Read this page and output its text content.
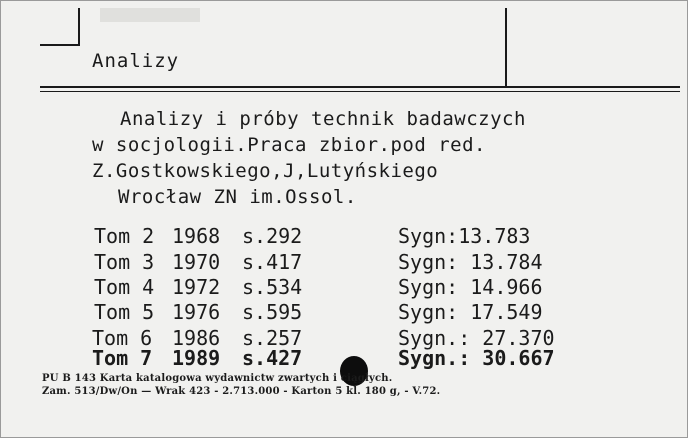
Analizy
Analizy i próby technik badawczych
w socjologii.Praca zbior.pod red.
Z.Gostkowskiego,J,Lutyńskiego
Wrocław ZN im.Ossol.
Tom 2 1968 s.292	Sygn:13.783
Tom 3 1970 s.417	Sygn: 13.784
Tom 4 1972 s.534	Sygn: 14.966
Tom 5 1976 s.595	Sygn: 17.549
Tom 6 1986 s.257	Sygn.: 27.370
Tom 7 1989 s.427	Sygn.: 30.667
PU B 143 Karta katalogowa wydawnictw zwartych i ciągłych.
Zam. 513/Dw/On — Wrak 423 - 2.713.000 - Karton 5 kl. 180 g, - V.72.
